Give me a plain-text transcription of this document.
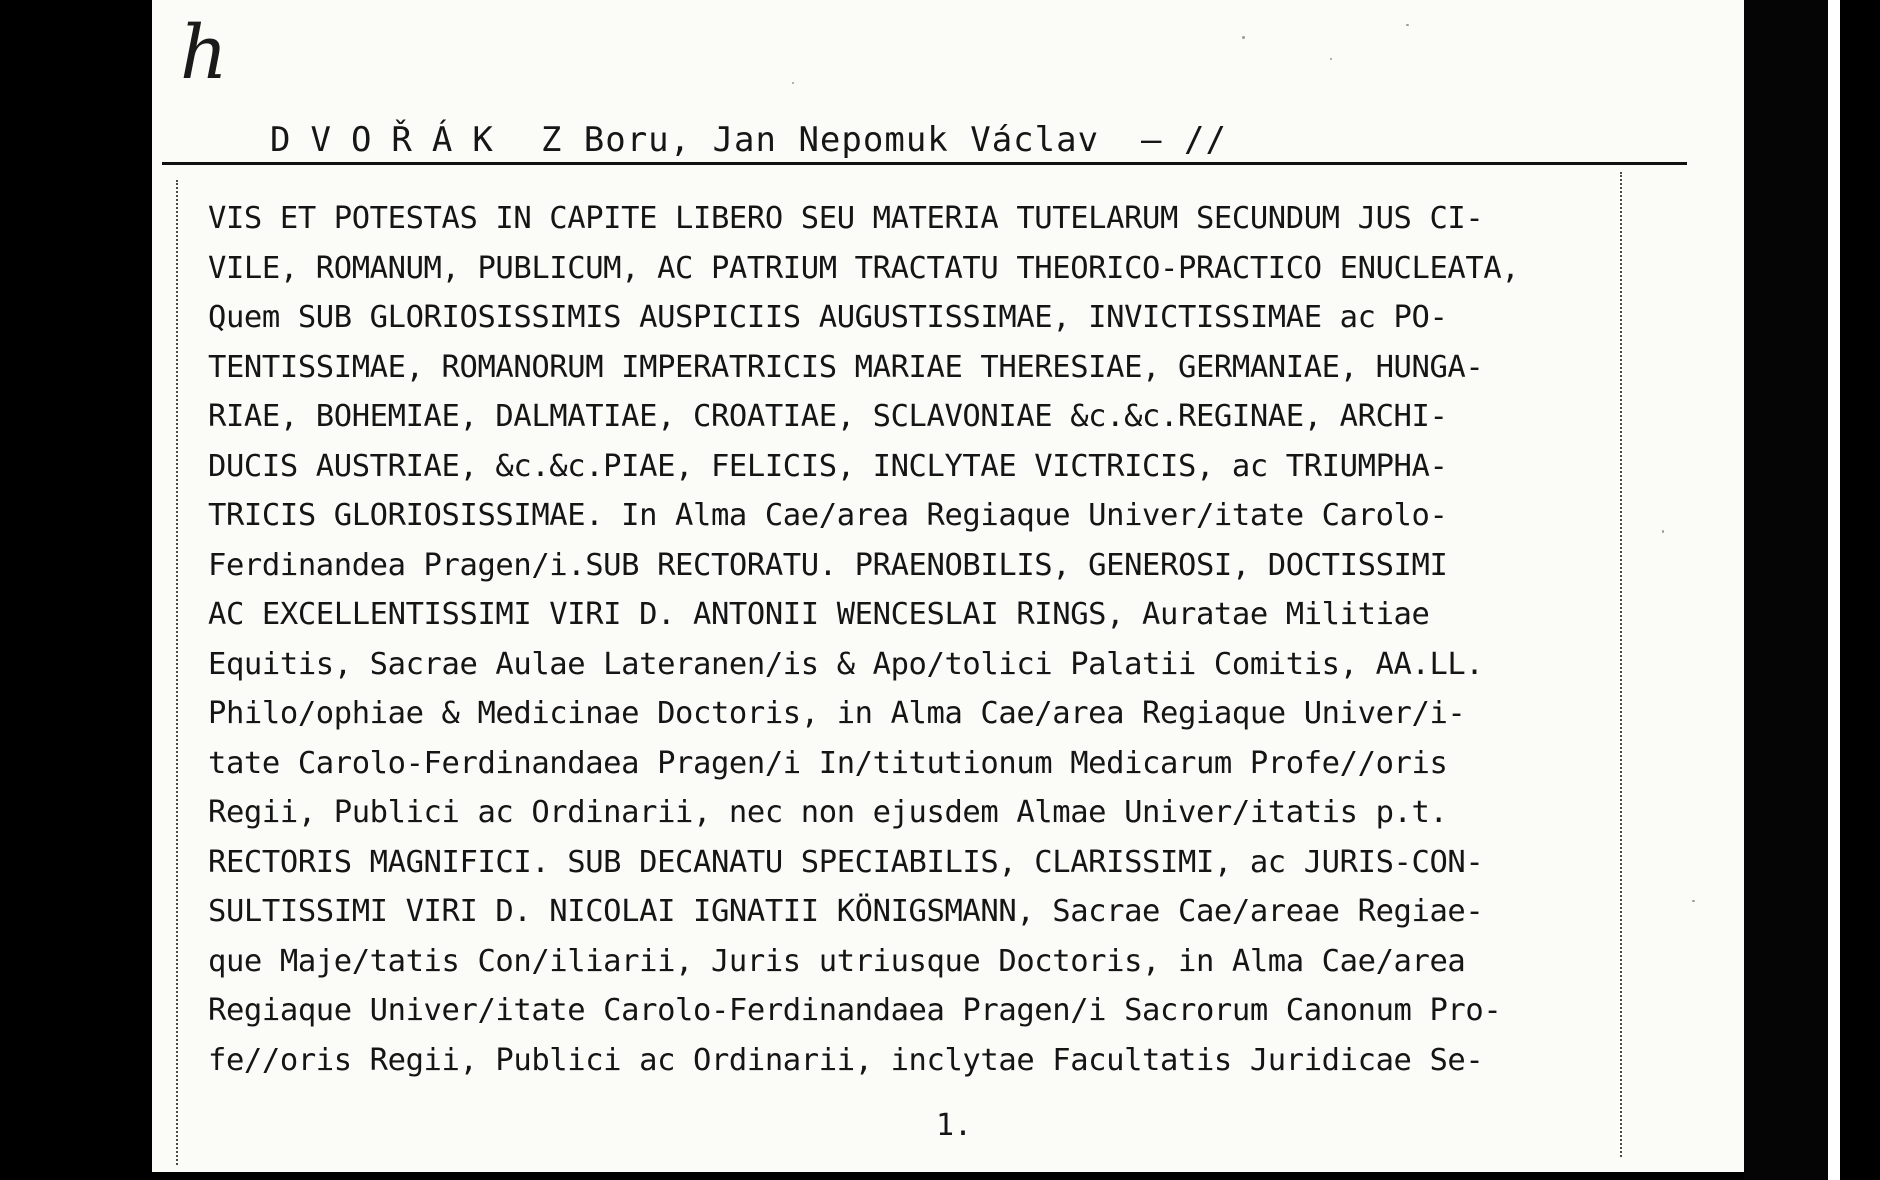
h
DVOŘÁK Z Boru, Jan Nepomuk Václav — //
VIS ET POTESTAS IN CAPITE LIBERO SEU MATERIA TUTELARUM SECUNDUM JUS CI-
VILE, ROMANUM, PUBLICUM, AC PATRIUM TRACTATU THEORICO-PRACTICO ENUCLEATA,
Quem SUB GLORIOSISSIMIS AUSPICIIS AUGUSTISSIMAE, INVICTISSIMAE ac PO-
TENTISSIMAE, ROMANORUM IMPERATRICIS MARIAE THERESIAE, GERMANIAE, HUNGA-
RIAE, BOHEMIAE, DALMATIAE, CROATIAE, SCLAVONIAE &c.&c.REGINAE, ARCHI-
DUCIS AUSTRIAE, &c.&c.PIAE, FELICIS, INCLYTAE VICTRICIS, ac TRIUMPHA-
TRICIS GLORIOSISSIMAE. In Alma Cae/area Regiaque Univer/itate Carolo-
Ferdinandea Pragen/i.SUB RECTORATU. PRAENOBILIS, GENEROSI, DOCTISSIMI
AC EXCELLENTISSIMI VIRI D. ANTONII WENCESLAI RINGS, Auratae Militiae
Equitis, Sacrae Aulae Lateranen/is & Apo/tolici Palatii Comitis, AA.LL.
Philo/ophiae & Medicinae Doctoris, in Alma Cae/area Regiaque Univer/i-
tate Carolo-Ferdinandaea Pragen/i In/titutionum Medicarum Profe//oris
Regii, Publici ac Ordinarii, nec non ejusdem Almae Univer/itatis p.t.
RECTORIS MAGNIFICI. SUB DECANATU SPECIABILIS, CLARISSIMI, ac JURIS-CON-
SULTISSIMI VIRI D. NICOLAI IGNATII KÖNIGSMANN, Sacrae Cae/areae Regiae-
que Maje/tatis Con/iliarii, Juris utriusque Doctoris, in Alma Cae/area
Regiaque Univer/itate Carolo-Ferdinandaea Pragen/i Sacrorum Canonum Pro-
fe//oris Regii, Publici ac Ordinarii, inclytae Facultatis Juridicae Se-
1.
